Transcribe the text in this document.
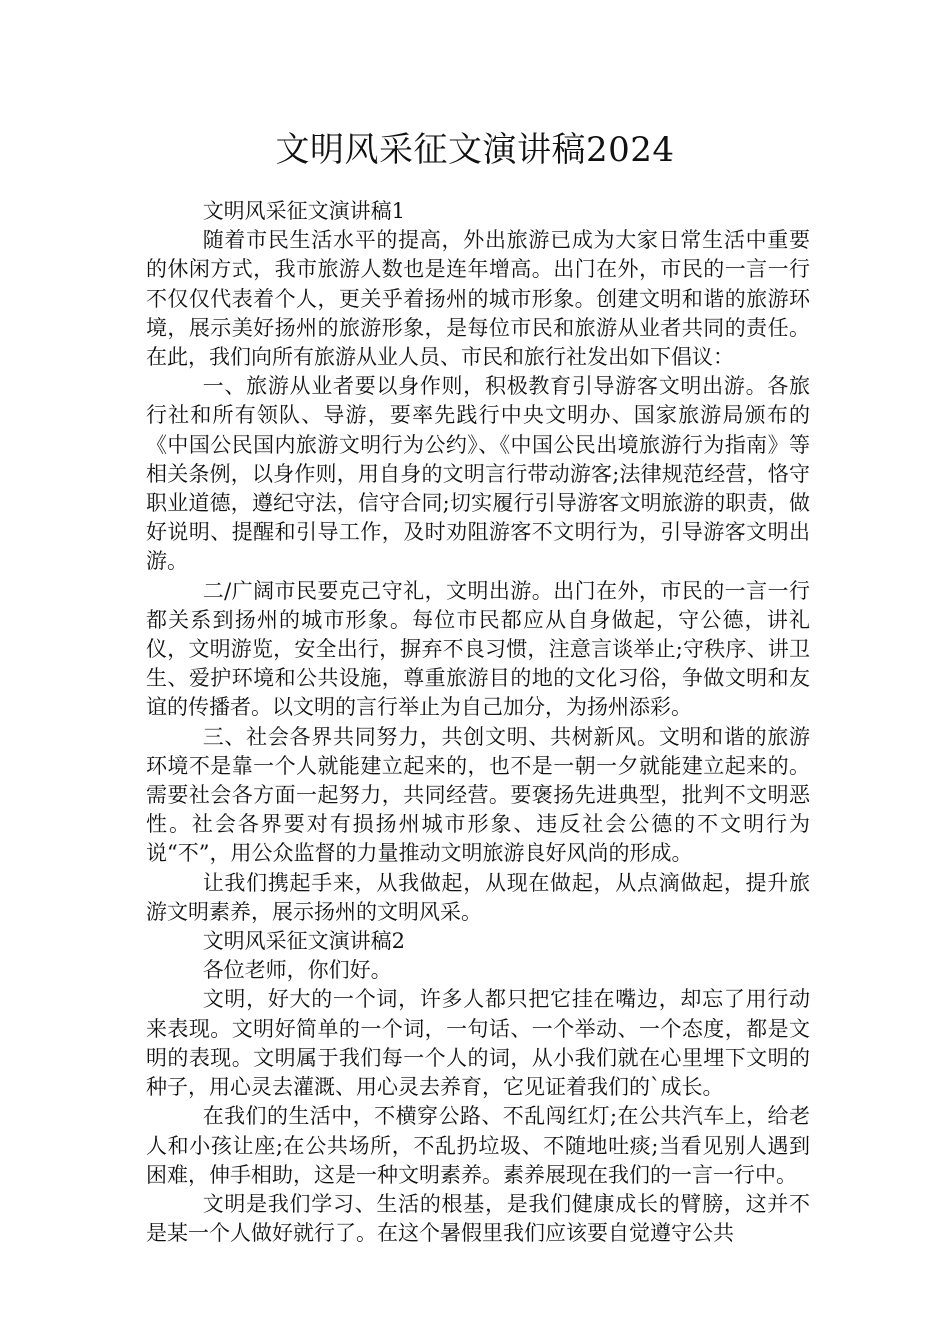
文明风采征文演讲稿2024

文明风采征文演讲稿1

随着市民生活水平的提高，外出旅游已成为大家日常生活中重要的休闲方式，我市旅游人数也是连年增高。出门在外，市民的一言一行不仅仅代表着个人，更关乎着扬州的城市形象。创建文明和谐的旅游环境，展示美好扬州的旅游形象，是每位市民和旅游从业者共同的责任。在此，我们向所有旅游从业人员、市民和旅行社发出如下倡议：

一、旅游从业者要以身作则，积极教育引导游客文明出游。各旅行社和所有领队、导游，要率先践行中央文明办、国家旅游局颁布的《中国公民国内旅游文明行为公约》、《中国公民出境旅游行为指南》等相关条例，以身作则，用自身的文明言行带动游客;法律规范经营，恪守职业道德，遵纪守法，信守合同;切实履行引导游客文明旅游的职责，做好说明、提醒和引导工作，及时劝阻游客不文明行为，引导游客文明出游。

二/广阔市民要克己守礼，文明出游。出门在外，市民的一言一行都关系到扬州的城市形象。每位市民都应从自身做起，守公德，讲礼仪，文明游览，安全出行，摒弃不良习惯，注意言谈举止;守秩序、讲卫生、爱护环境和公共设施，尊重旅游目的地的文化习俗，争做文明和友谊的传播者。以文明的言行举止为自己加分，为扬州添彩。

三、社会各界共同努力，共创文明、共树新风。文明和谐的旅游环境不是靠一个人就能建立起来的，也不是一朝一夕就能建立起来的。需要社会各方面一起努力，共同经营。要褒扬先进典型，批判不文明恶性。社会各界要对有损扬州城市形象、违反社会公德的不文明行为说“不”，用公众监督的力量推动文明旅游良好风尚的形成。

让我们携起手来，从我做起，从现在做起，从点滴做起，提升旅游文明素养，展示扬州的文明风采。

文明风采征文演讲稿2

各位老师，你们好。

文明，好大的一个词，许多人都只把它挂在嘴边，却忘了用行动来表现。文明好简单的一个词，一句话、一个举动、一个态度，都是文明的表现。文明属于我们每一个人的词，从小我们就在心里埋下文明的种子，用心灵去灌溉、用心灵去养育，它见证着我们的`成长。

在我们的生活中，不横穿公路、不乱闯红灯;在公共汽车上，给老人和小孩让座;在公共场所，不乱扔垃圾、不随地吐痰;当看见别人遇到困难，伸手相助，这是一种文明素养。素养展现在我们的一言一行中。

文明是我们学习、生活的根基，是我们健康成长的臂膀，这并不是某一个人做好就行了。在这个暑假里我们应该要自觉遵守公共
